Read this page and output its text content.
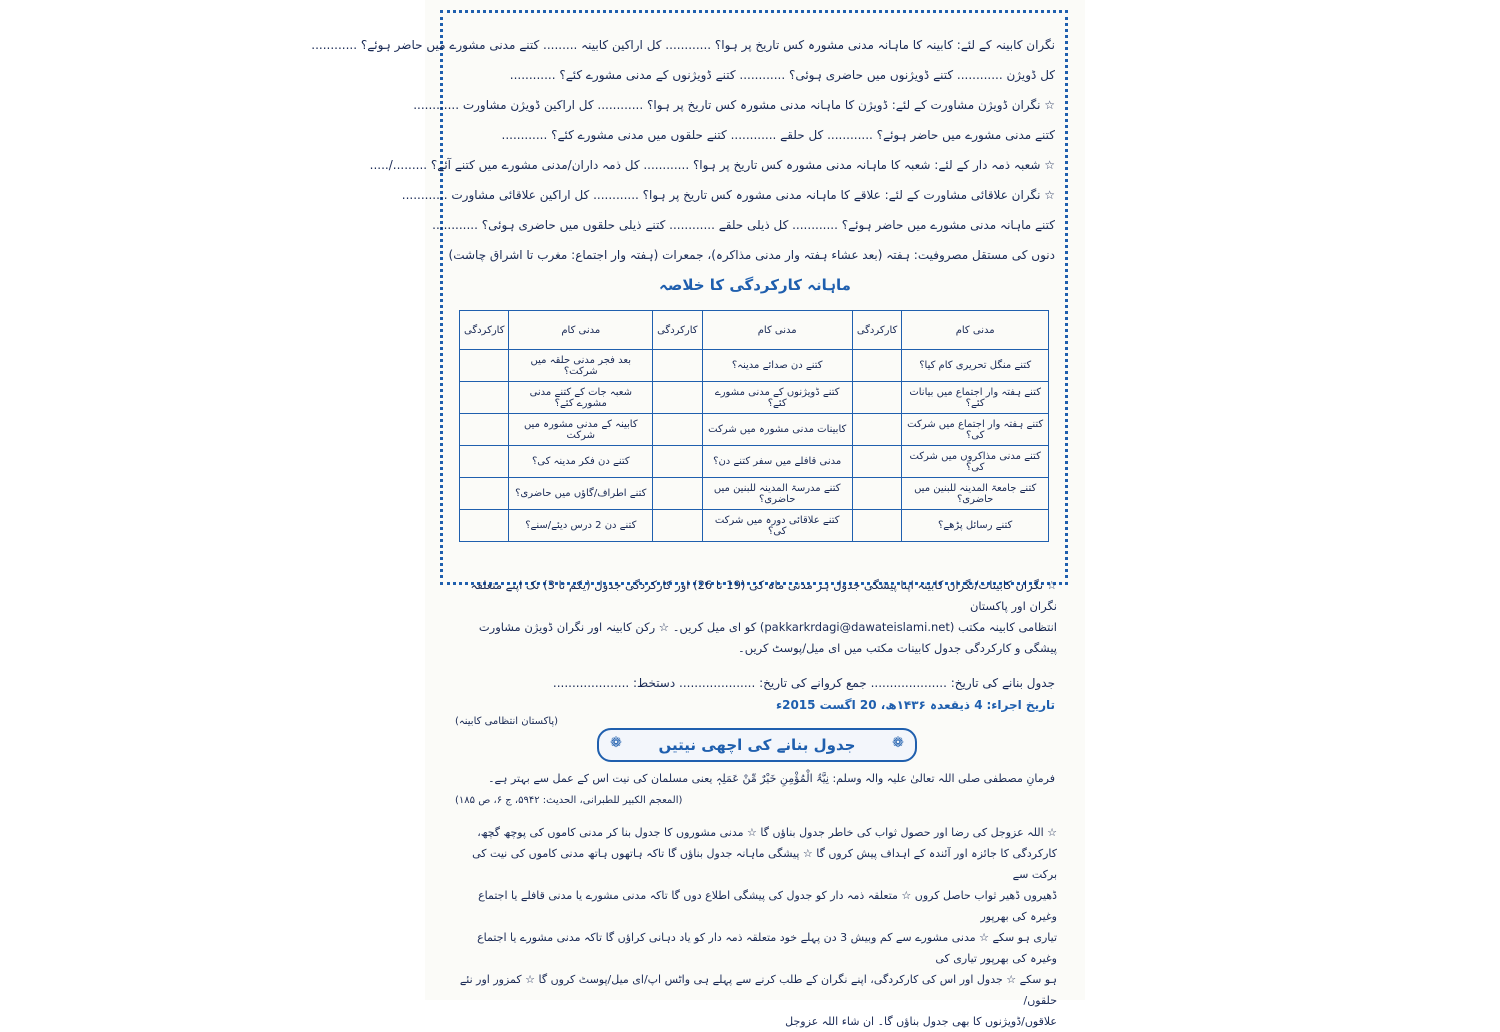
نگران کابینہ کے لئے: کابینہ کا ماہانہ مدنی مشورہ کس تاریخ پر ہوا؟ ............ کل اراکین کابینہ ......... کتنے مدنی مشورے میں حاضر ہوئے؟ ............
کل ڈویژن ............ کتنے ڈویژنوں میں حاضری ہوئی؟ ............ کتنے ڈویژنوں کے مدنی مشورے کئے؟ ............
☆ نگران ڈویژن مشاورت کے لئے: ڈویژن کا ماہانہ مدنی مشورہ کس تاریخ پر ہوا؟ ............ کل اراکین ڈویژن مشاورت ............
کتنے مدنی مشورے میں حاضر ہوئے؟ ............ کل حلقے ............ کتنے حلقوں میں مدنی مشورے کئے؟ ............
☆ شعبہ ذمہ دار کے لئے: شعبہ کا ماہانہ مدنی مشورہ کس تاریخ پر ہوا؟ ............ کل ذمہ داران/مدنی مشورے میں کتنے آئے؟ ........./.....
☆ نگران علاقائی مشاورت کے لئے: علاقے کا ماہانہ مدنی مشورہ کس تاریخ پر ہوا؟ ............ کل اراکین علاقائی مشاورت ............
کتنے ماہانہ مدنی مشورے میں حاضر ہوئے؟ ............ کل ذیلی حلقے ............ کتنے ذیلی حلقوں میں حاضری ہوئی؟ ............
دنوں کی مستقل مصروفیت: ہفتہ (بعد عشاء ہفتہ وار مدنی مذاکرہ)، جمعرات (ہفتہ وار اجتماع: مغرب تا اشراق چاشت)
ماہانہ کارکردگی کا خلاصہ
مدنی کام	کارکردگی	مدنی کام	کارکردگی	مدنی کام	کارکردگی
کتنے منگل تحریری کام کیا؟		کتنے دن صدائے مدینہ؟		بعد فجر مدنی حلقہ میں شرکت؟	
کتنے ہفتہ وار اجتماع میں بیانات کئے؟		کتنے ڈویژنوں کے مدنی مشورے کئے؟		شعبہ جات کے کتنے مدنی مشورے کئے؟	
کتنے ہفتہ وار اجتماع میں شرکت کی؟		کابینات مدنی مشورہ میں شرکت		کابینہ کے مدنی مشورہ میں شرکت	
کتنے مدنی مذاکروں میں شرکت کی؟		مدنی قافلے میں سفر کتنے دن؟		کتنے دن فکر مدینہ کی؟	
کتنے جامعۃ المدینہ للبنین میں حاضری؟		کتنے مدرسۃ المدینہ للبنین میں حاضری؟		کتنے اطراف/گاؤں میں حاضری؟	
کتنے رسائل پڑھے؟		کتنے علاقائی دورہ میں شرکت کی؟		کتنے دن 2 درس دیئے/سنے؟	
☆ نگران کابینات/نگران کابینہ اپنا پیشگی جدول ہر مدنی ماہ کی (19 تا 26) اور کارکردگی جدول (یکم تا 3) تک اپنے متعلقہ نگران اور پاکستان
انتظامی کابینہ مکتب (pakkarkrdagi@dawateislami.net) کو ای میل کریں۔ ☆ رکن کابینہ اور نگران ڈویژن مشاورت
پیشگی و کارکردگی جدول کابینات مکتب میں ای میل/پوسٹ کریں۔
جدول بنانے کی تاریخ: .................... جمع کروانے کی تاریخ: .................... دستخط: ....................
تاریخ اجراء: 4 ذیقعدہ ۱۴۳۶ھ، 20 اگست 2015ء
(پاکستان انتظامی کابینہ)
❁ جدول بنانے کی اچھی نیتیں	❁
فرمانِ مصطفی صلی اللہ تعالیٰ علیہ والہ وسلم: نِیَّۃُ الْمُؤْمِنِ خَیْرٌ مِّنْ عَمَلِہٖ یعنی مسلمان کی نیت اس کے عمل سے بہتر ہے۔
(المعجم الکبیر للطبرانی، الحدیث: ۵۹۴۲، ج ۶، ص ۱۸۵)
☆ اللہ عزوجل کی رضا اور حصول ثواب کی خاطر جدول بناؤں گا ☆ مدنی مشوروں کا جدول بنا کر مدنی کاموں کی پوچھ گچھ،
کارکردگی کا جائزہ اور آئندہ کے اہداف پیش کروں گا ☆ پیشگی ماہانہ جدول بناؤں گا تاکہ ہاتھوں ہاتھ مدنی کاموں کی نیت کی برکت سے
ڈھیروں ڈھیر ثواب حاصل کروں ☆ متعلقہ ذمہ دار کو جدول کی پیشگی اطلاع دوں گا تاکہ مدنی مشورے یا مدنی قافلے یا اجتماع وغیرہ کی بھرپور
تیاری ہو سکے ☆ مدنی مشورے سے کم وبیش 3 دن پہلے خود متعلقہ ذمہ دار کو یاد دہانی کراؤں گا تاکہ مدنی مشورے یا اجتماع وغیرہ کی بھرپور تیاری کی
ہو سکے ☆ جدول اور اس کی کارکردگی، اپنے نگران کے طلب کرنے سے پہلے ہی واٹس اپ/ای میل/پوسٹ کروں گا ☆ کمزور اور نئے حلقوں/
علاقوں/ڈویژنوں کا بھی جدول بناؤں گا۔ ان شاء اللہ عزوجل
